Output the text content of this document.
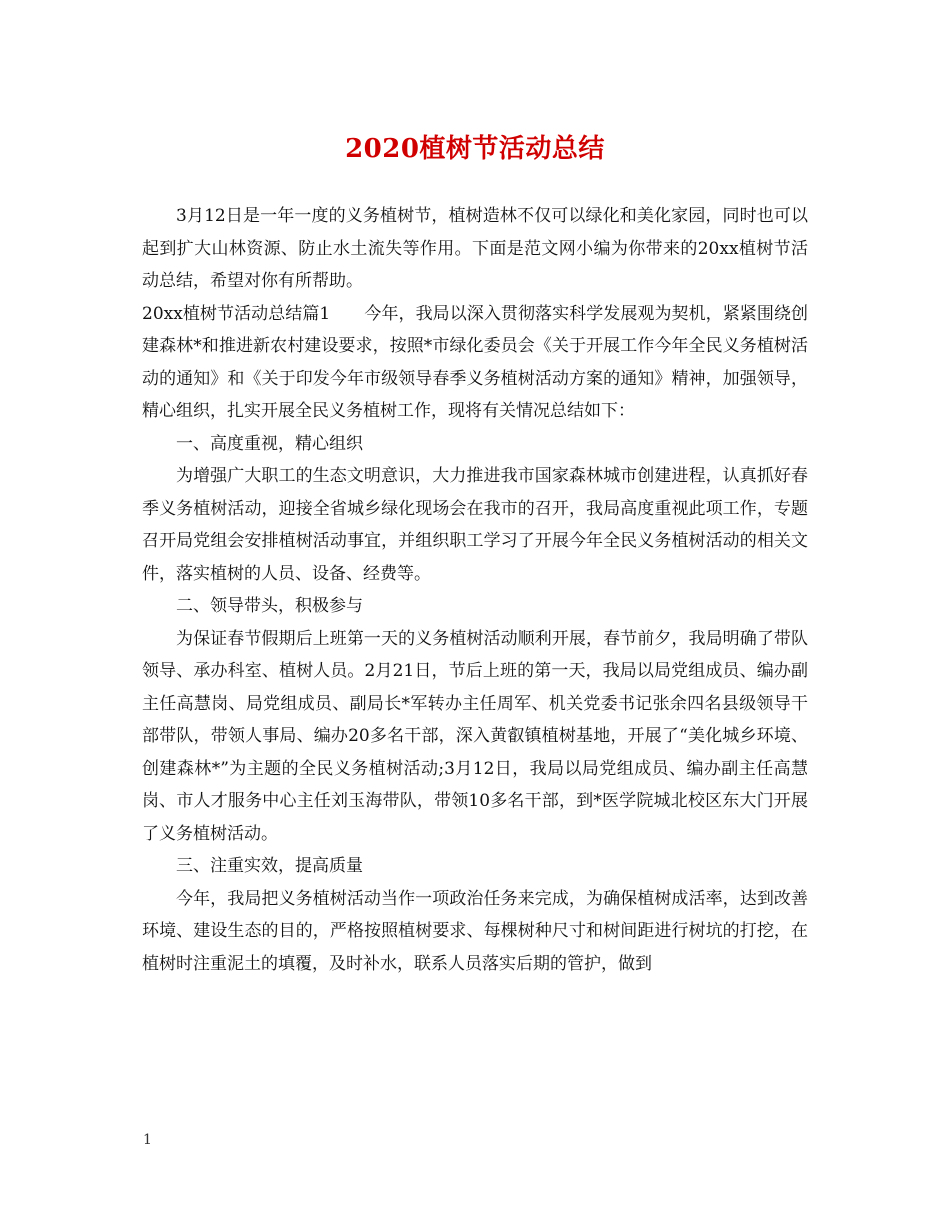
2020植树节活动总结

3月12日是一年一度的义务植树节，植树造林不仅可以绿化和美化家园，同时也可以起到扩大山林资源、防止水土流失等作用。下面是范文网小编为你带来的20xx植树节活动总结，希望对你有所帮助。

20xx植树节活动总结篇1　　今年，我局以深入贯彻落实科学发展观为契机，紧紧围绕创建森林*和推进新农村建设要求，按照*市绿化委员会《关于开展工作今年全民义务植树活动的通知》和《关于印发今年市级领导春季义务植树活动方案的通知》精神，加强领导，精心组织，扎实开展全民义务植树工作，现将有关情况总结如下：

一、高度重视，精心组织

为增强广大职工的生态文明意识，大力推进我市国家森林城市创建进程，认真抓好春季义务植树活动，迎接全省城乡绿化现场会在我市的召开，我局高度重视此项工作，专题召开局党组会安排植树活动事宜，并组织职工学习了开展今年全民义务植树活动的相关文件，落实植树的人员、设备、经费等。

二、领导带头，积极参与

为保证春节假期后上班第一天的义务植树活动顺利开展，春节前夕，我局明确了带队领导、承办科室、植树人员。2月21日，节后上班的第一天，我局以局党组成员、编办副主任高慧岗、局党组成员、副局长*军转办主任周军、机关党委书记张余四名县级领导干部带队，带领人事局、编办20多名干部，深入黄叡镇植树基地，开展了“美化城乡环境、创建森林*”为主题的全民义务植树活动;3月12日，我局以局党组成员、编办副主任高慧岗、市人才服务中心主任刘玉海带队，带领10多名干部，到*医学院城北校区东大门开展了义务植树活动。

三、注重实效，提高质量

今年，我局把义务植树活动当作一项政治任务来完成，为确保植树成活率，达到改善环境、建设生态的目的，严格按照植树要求、每棵树种尺寸和树间距进行树坑的打挖，在植树时注重泥土的填覆，及时补水，联系人员落实后期的管护，做到

1
